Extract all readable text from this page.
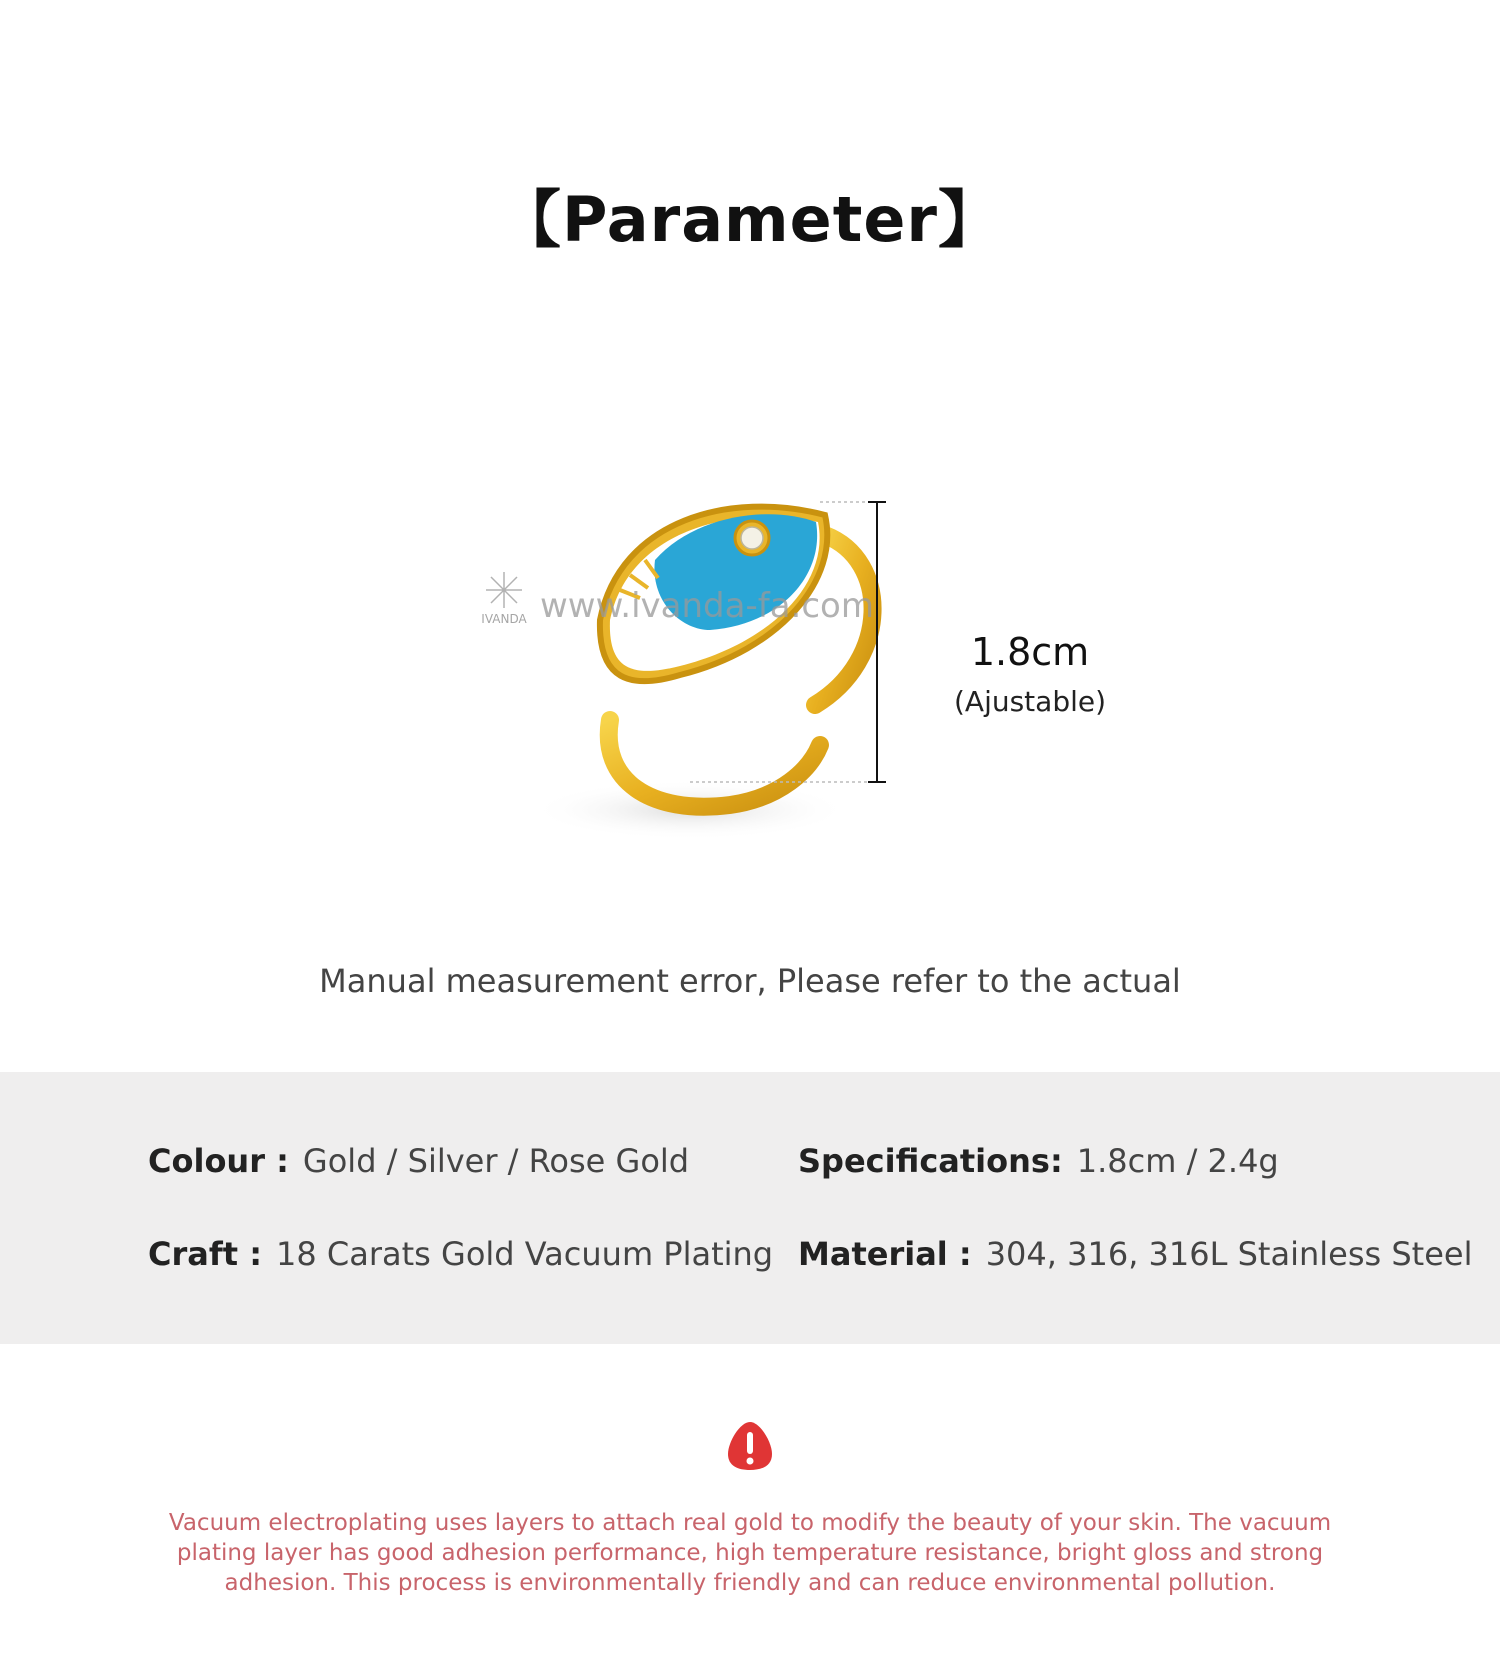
【Parameter】
IVANDA www.ivanda-fa.com
1.8cm
(Ajustable)
Manual measurement error, Please refer to the actual
Colour : Gold / Silver / Rose Gold	Specifications: 1.8cm / 2.4g
Craft : 18 Carats Gold Vacuum Plating Material : 304, 316, 316L Stainless Steel
Vacuum electroplating uses layers to attach real gold to modify the beauty of your skin. The vacuum plating layer has good adhesion performance, high temperature resistance, bright gloss and strong adhesion. This process is environmentally friendly and can reduce environmental pollution.
